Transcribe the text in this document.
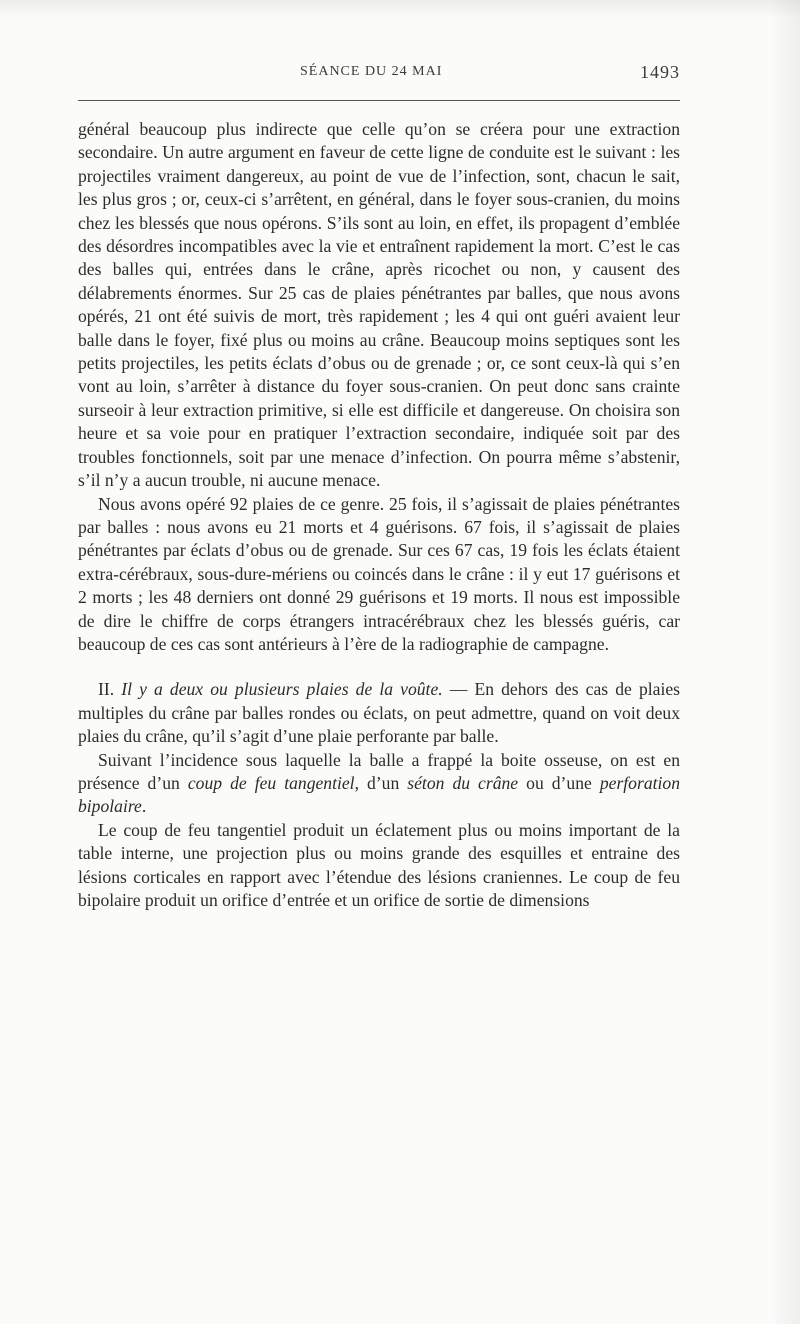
SÉANCE DU 24 MAI	1493

général beaucoup plus indirecte que celle qu’on se créera pour une extraction secondaire. Un autre argument en faveur de cette ligne de conduite est le suivant : les projectiles vraiment dangereux, au point de vue de l’infection, sont, chacun le sait, les plus gros ; or, ceux-ci s’arrêtent, en général, dans le foyer sous-cranien, du moins chez les blessés que nous opérons. S’ils sont au loin, en effet, ils propagent d’emblée des désordres incompatibles avec la vie et entraînent rapidement la mort. C’est le cas des balles qui, entrées dans le crâne, après ricochet ou non, y causent des délabrements énormes. Sur 25 cas de plaies pénétrantes par balles, que nous avons opérés, 21 ont été suivis de mort, très rapidement ; les 4 qui ont guéri avaient leur balle dans le foyer, fixé plus ou moins au crâne. Beaucoup moins septiques sont les petits projectiles, les petits éclats d’obus ou de grenade ; or, ce sont ceux-là qui s’en vont au loin, s’arrêter à distance du foyer sous-cranien. On peut donc sans crainte surseoir à leur extraction primitive, si elle est difficile et dangereuse. On choisira son heure et sa voie pour en pratiquer l’extraction secondaire, indiquée soit par des troubles fonctionnels, soit par une menace d’infection. On pourra même s’abstenir, s’il n’y a aucun trouble, ni aucune menace.

Nous avons opéré 92 plaies de ce genre. 25 fois, il s’agissait de plaies pénétrantes par balles : nous avons eu 21 morts et 4 guérisons. 67 fois, il s’agissait de plaies pénétrantes par éclats d’obus ou de grenade. Sur ces 67 cas, 19 fois les éclats étaient extra-cérébraux, sous-dure-mériens ou coincés dans le crâne : il y eut 17 guérisons et 2 morts ; les 48 derniers ont donné 29 guérisons et 19 morts. Il nous est impossible de dire le chiffre de corps étrangers intracérébraux chez les blessés guéris, car beaucoup de ces cas sont antérieurs à l’ère de la radiographie de campagne.

II. Il y a deux ou plusieurs plaies de la voûte. — En dehors des cas de plaies multiples du crâne par balles rondes ou éclats, on peut admettre, quand on voit deux plaies du crâne, qu’il s’agit d’une plaie perforante par balle.

Suivant l’incidence sous laquelle la balle a frappé la boite osseuse, on est en présence d’un coup de feu tangentiel, d’un séton du crâne ou d’une perforation bipolaire.

Le coup de feu tangentiel produit un éclatement plus ou moins important de la table interne, une projection plus ou moins grande des esquilles et entraine des lésions corticales en rapport avec l’étendue des lésions craniennes. Le coup de feu bipolaire produit un orifice d’entrée et un orifice de sortie de dimensions
